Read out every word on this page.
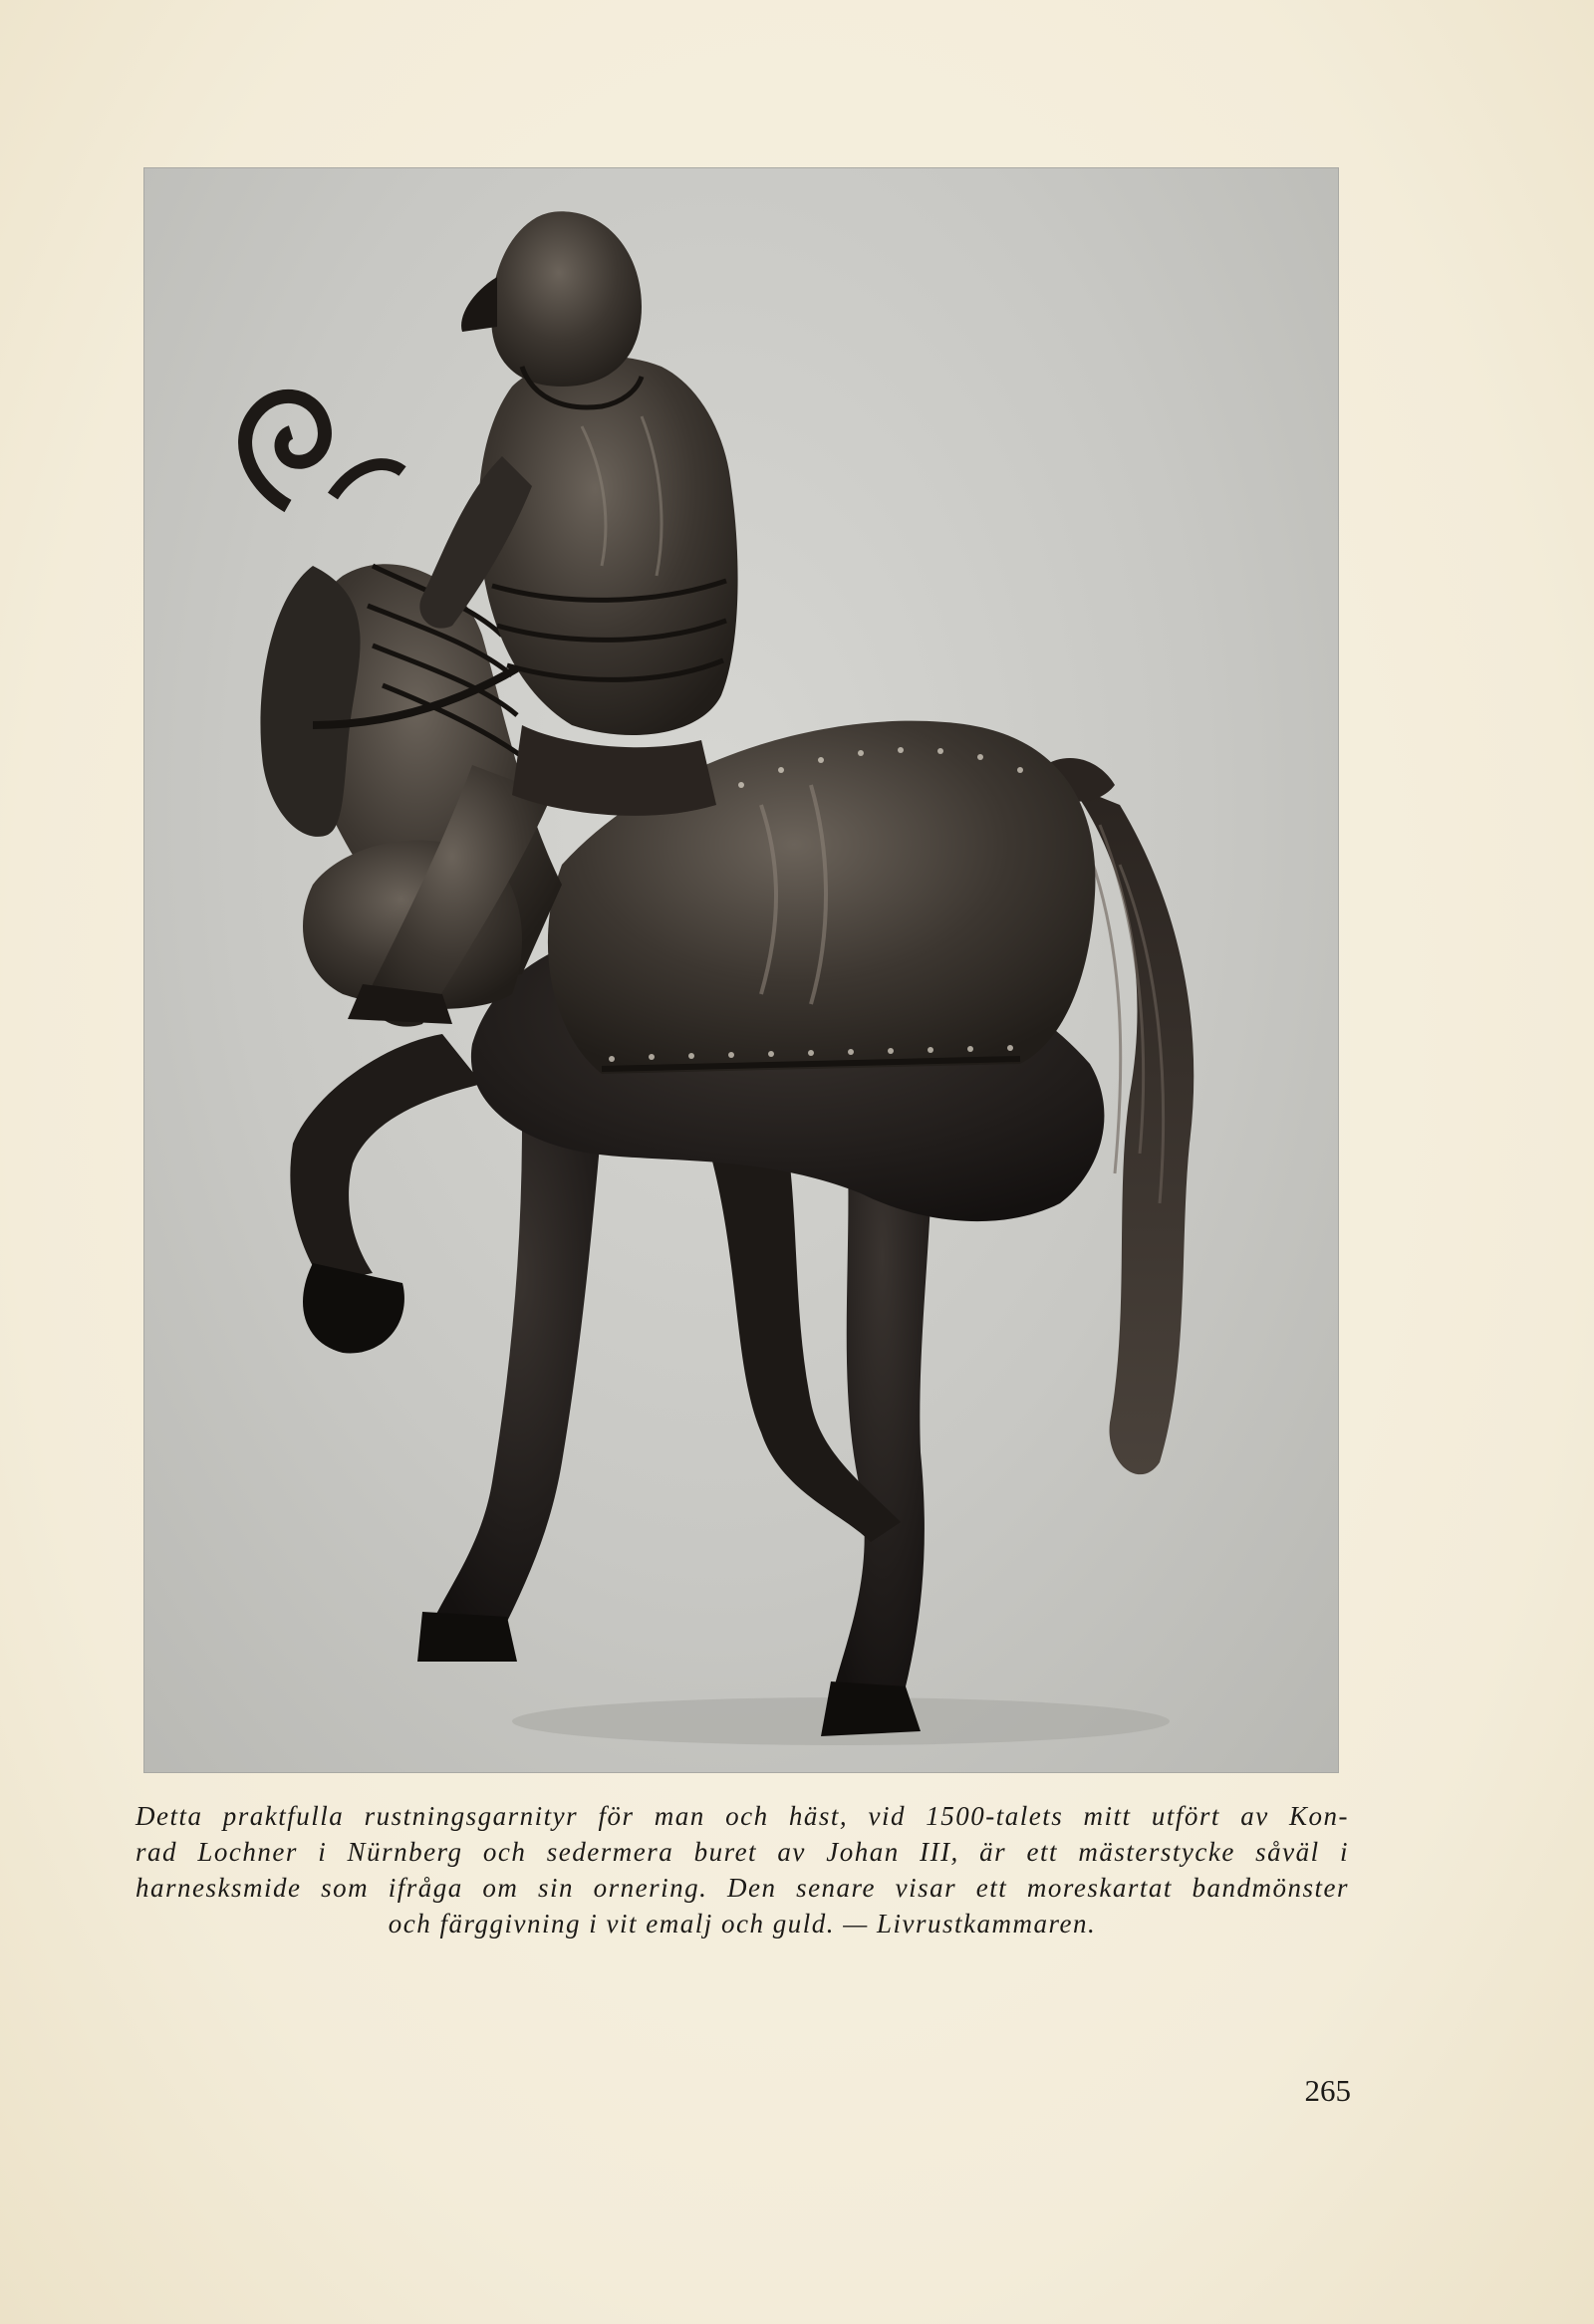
Detta praktfulla rustningsgarnityr för man och häst, vid 1500-talets mitt utfört av Kon-
rad Lochner i Nürnberg och sedermera buret av Johan III, är ett mästerstycke såväl i
harnesksmide som ifråga om sin ornering. Den senare visar ett moreskartat bandmönster
och färggivning i vit emalj och guld. — Livrustkammaren.
265
